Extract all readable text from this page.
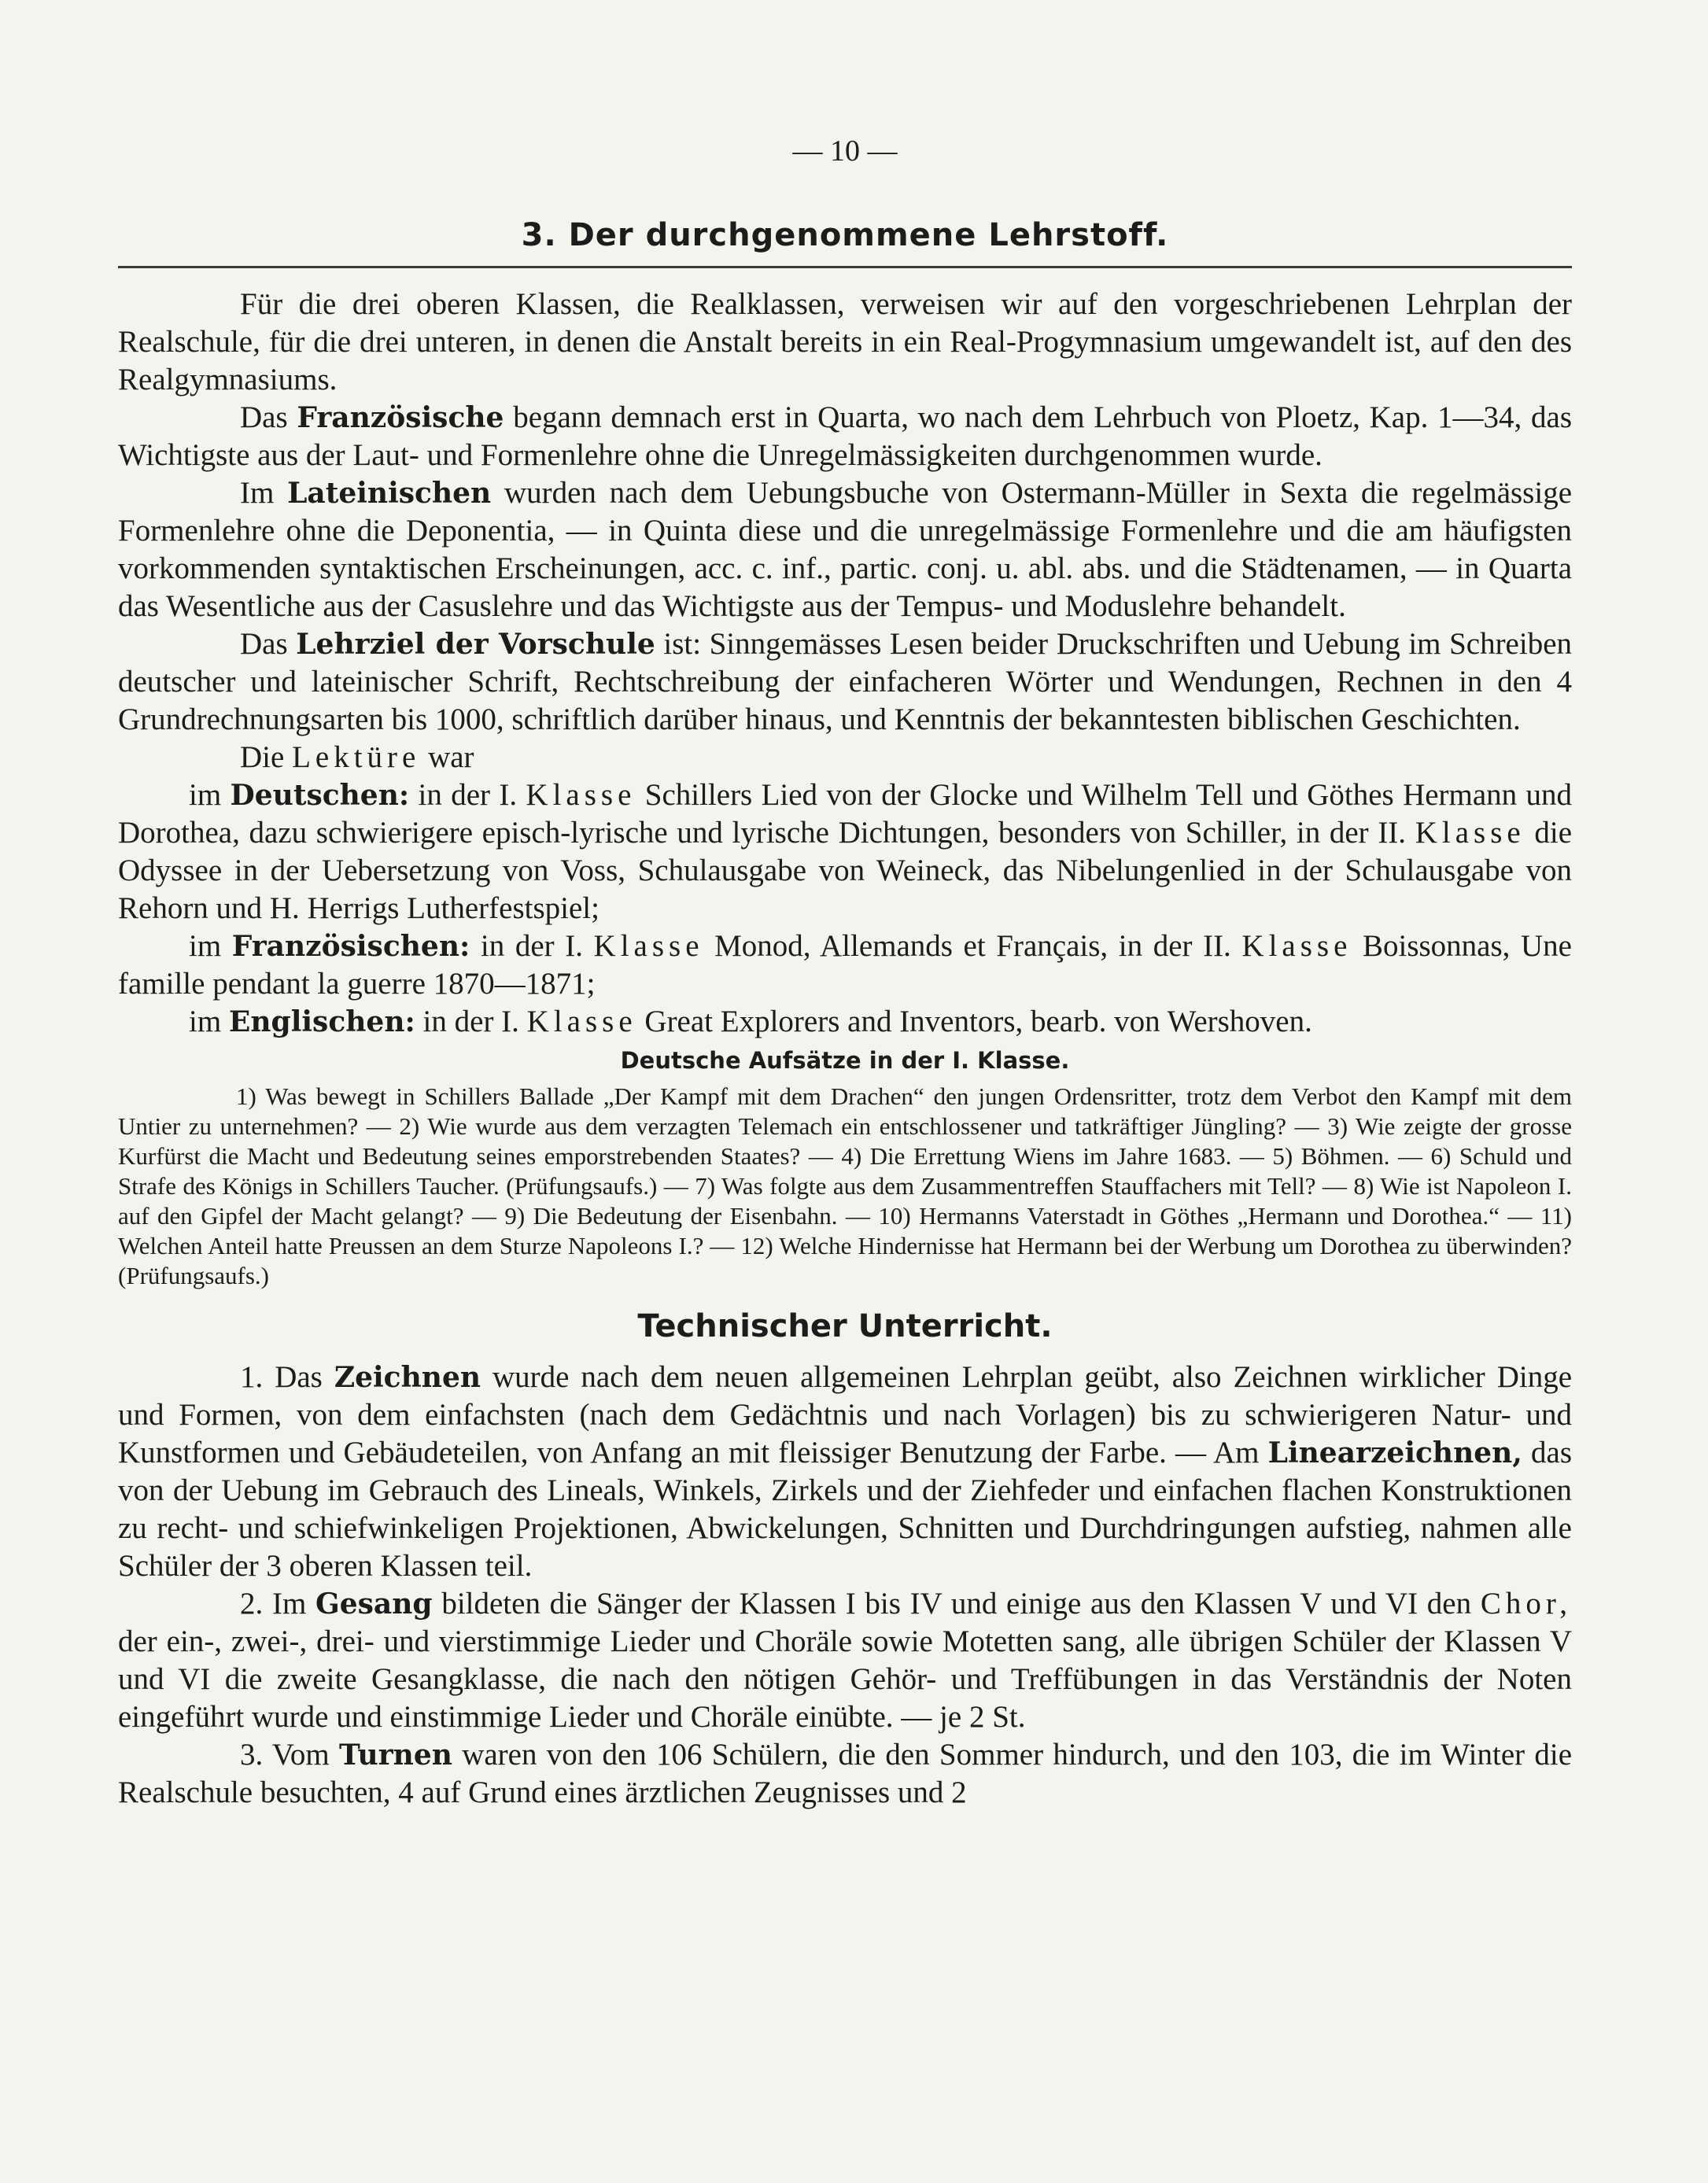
— 10 —
3. Der durchgenommene Lehrstoff.

Für die drei oberen Klassen, die Realklassen, verweisen wir auf den vorgeschriebenen Lehrplan der Realschule, für die drei unteren, in denen die Anstalt bereits in ein Real-Progymnasium umgewandelt ist, auf den des Realgymnasiums.

Das Französische begann demnach erst in Quarta, wo nach dem Lehrbuch von Ploetz, Kap. 1—34, das Wichtigste aus der Laut- und Formenlehre ohne die Unregelmässigkeiten durchgenommen wurde.

Im Lateinischen wurden nach dem Uebungsbuche von Ostermann-Müller in Sexta die regelmässige Formenlehre ohne die Deponentia, — in Quinta diese und die unregelmässige Formenlehre und die am häufigsten vorkommenden syntaktischen Erscheinungen, acc. c. inf., partic. conj. u. abl. abs. und die Städtenamen, — in Quarta das Wesentliche aus der Casuslehre und das Wichtigste aus der Tempus- und Moduslehre behandelt.

Das Lehrziel der Vorschule ist: Sinngemässes Lesen beider Druckschriften und Uebung im Schreiben deutscher und lateinischer Schrift, Rechtschreibung der einfacheren Wörter und Wendungen, Rechnen in den 4 Grundrechnungsarten bis 1000, schriftlich darüber hinaus, und Kenntnis der bekanntesten biblischen Geschichten.

Die Lektüre war

im Deutschen: in der I. Klasse Schillers Lied von der Glocke und Wilhelm Tell und Göthes Hermann und Dorothea, dazu schwierigere episch-lyrische und lyrische Dichtungen, besonders von Schiller, in der II. Klasse die Odyssee in der Uebersetzung von Voss, Schulausgabe von Weineck, das Nibelungenlied in der Schulausgabe von Rehorn und H. Herrigs Lutherfestspiel;

im Französischen: in der I. Klasse Monod, Allemands et Français, in der II. Klasse Boissonnas, Une famille pendant la guerre 1870—1871;

im Englischen: in der I. Klasse Great Explorers and Inventors, bearb. von Wershoven.

Deutsche Aufsätze in der I. Klasse.

1) Was bewegt in Schillers Ballade „Der Kampf mit dem Drachen“ den jungen Ordensritter, trotz dem Verbot den Kampf mit dem Untier zu unternehmen? — 2) Wie wurde aus dem verzagten Telemach ein entschlossener und tatkräftiger Jüngling? — 3) Wie zeigte der grosse Kurfürst die Macht und Bedeutung seines emporstrebenden Staates? — 4) Die Errettung Wiens im Jahre 1683. — 5) Böhmen. — 6) Schuld und Strafe des Königs in Schillers Taucher. (Prüfungsaufs.) — 7) Was folgte aus dem Zusammentreffen Stauffachers mit Tell? — 8) Wie ist Napoleon I. auf den Gipfel der Macht gelangt? — 9) Die Bedeutung der Eisenbahn. — 10) Hermanns Vaterstadt in Göthes „Hermann und Dorothea.“ — 11) Welchen Anteil hatte Preussen an dem Sturze Napoleons I.? — 12) Welche Hindernisse hat Hermann bei der Werbung um Dorothea zu überwinden? (Prüfungsaufs.)

Technischer Unterricht.

1. Das Zeichnen wurde nach dem neuen allgemeinen Lehrplan geübt, also Zeichnen wirklicher Dinge und Formen, von dem einfachsten (nach dem Gedächtnis und nach Vorlagen) bis zu schwierigeren Natur- und Kunstformen und Gebäudeteilen, von Anfang an mit fleissiger Benutzung der Farbe. — Am Linearzeichnen, das von der Uebung im Gebrauch des Lineals, Winkels, Zirkels und der Ziehfeder und einfachen flachen Konstruktionen zu recht- und schiefwinkeligen Projektionen, Abwickelungen, Schnitten und Durchdringungen aufstieg, nahmen alle Schüler der 3 oberen Klassen teil.

2. Im Gesang bildeten die Sänger der Klassen I bis IV und einige aus den Klassen V und VI den Chor, der ein-, zwei-, drei- und vierstimmige Lieder und Choräle sowie Motetten sang, alle übrigen Schüler der Klassen V und VI die zweite Gesangklasse, die nach den nötigen Gehör- und Treffübungen in das Verständnis der Noten eingeführt wurde und einstimmige Lieder und Choräle einübte. — je 2 St.

3. Vom Turnen waren von den 106 Schülern, die den Sommer hindurch, und den 103, die im Winter die Realschule besuchten, 4 auf Grund eines ärztlichen Zeugnisses und 2
